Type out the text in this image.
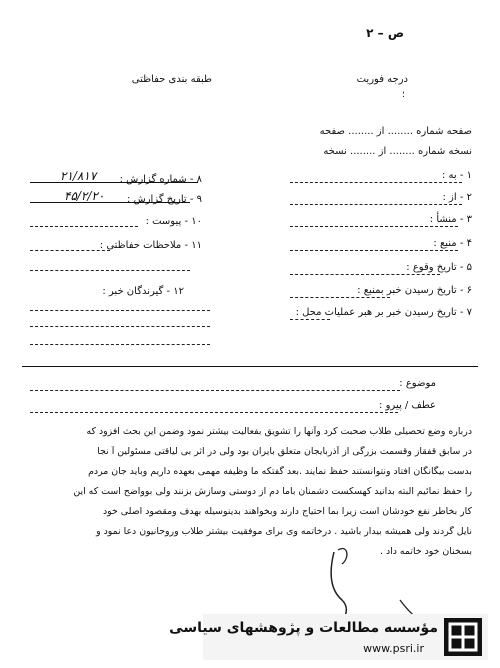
ص – ۲
درجه فوریت
؛
طبقه بندی حفاظتی
صفحه شماره ........ از ........ صفحه
نسخه شماره ........ از ........ نسخه
۱ - به :
۲ - از :
۳ - منشأ :
۴ - منبع :
۵ - تاریخ وقوع :
۶ - تاریخ رسیدن خبر بمنبع :
۷ - تاریخ رسیدن خبر بر هبر عملیات محل :
۸ - شماره گزارش :
۲۱/۸۱۷
۹ - تاریخ گزارش :
۴۵/۲/۲۰
۱۰ - پیوست :
۱۱ - ملاحظات حفاظتی :
۱۲ - گیرندگان خبر :
موضوع :
عطف / پیرو :
درباره وضع تحصیلی طلاب صحبت کرد وآنها را تشویق بفعالیت بیشتر نمود وضمن این بحث افزود که
در سابق قفقاز وقسمت بزرگی از آذربایجان متعلق بایران بود ولی در اثر بی لیاقتی مسئولین آ نجا
بدست بیگانگان افتاد ونتوانستند حفظ نمایند .بعد گفتکه ما وظیفه مهمی بعهده داریم وباید جان مردم
را حفظ نمائیم البته بدانید کهسکست دشمنان باما دم از دوستی وسازش بزنند ولی بوواضح است که این
کار بخاطر نفع خودشان است زیرا بما احتیاج دارند وبخواهند بدینوسیله بهدف ومقصود اصلی خود
نایل گردند ولی همیشه بیدار باشید . درخاتمه وی برای موفقیت بیشتر طلاب وروحانیون دعا نمود و
بسخنان خود خاتمه داد .
مؤسسه مطالعات و پژوهشهای سیاسی
www.psri.ir
